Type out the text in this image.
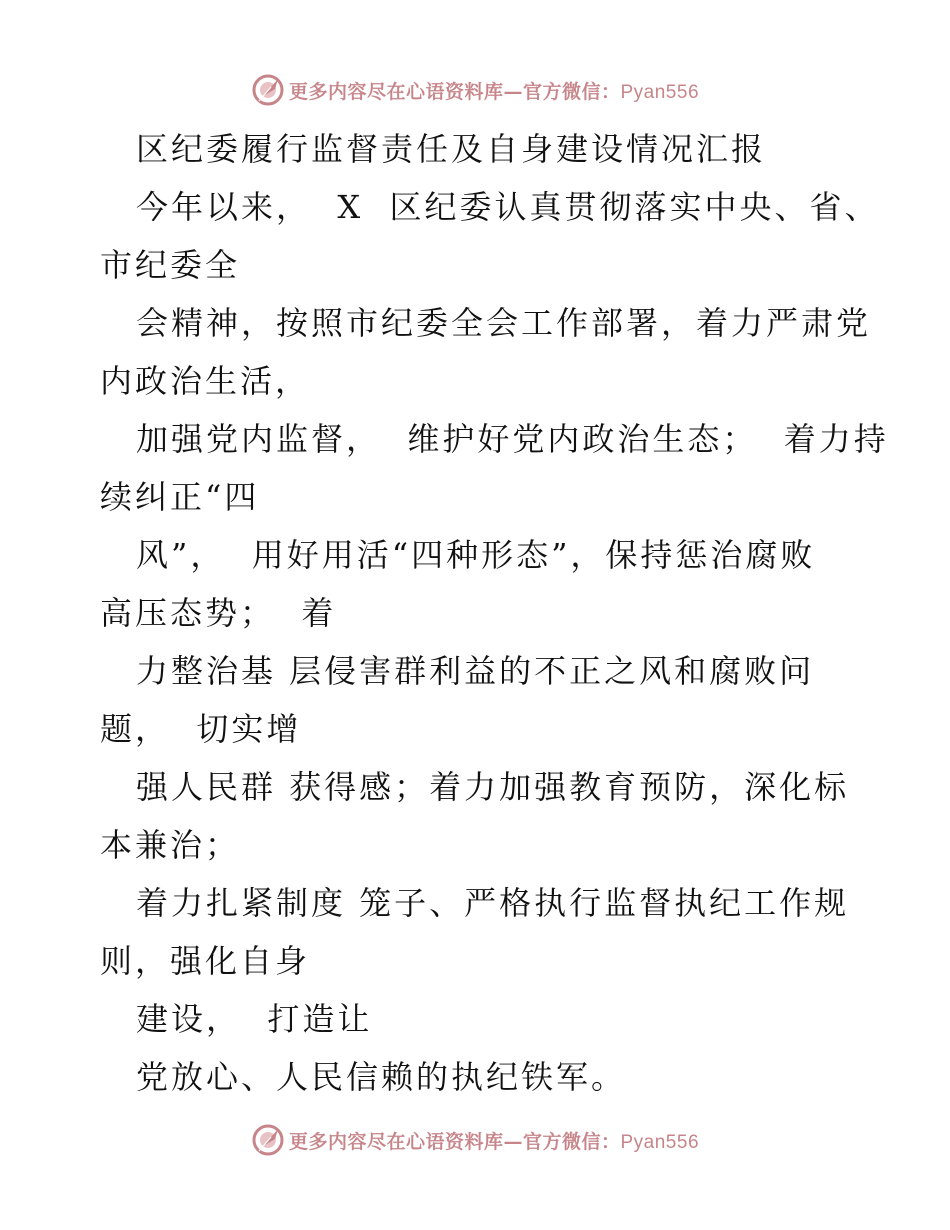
更多内容尽在心语资料库—官方微信：Pyan556
区纪委履行监督责任及自身建设情况汇报
今年以来，  X  区纪委认真贯彻落实中央、省、
市纪委全
会精神，按照市纪委全会工作部署，着力严肃党
内政治生活，
加强党内监督，  维护好党内政治生态；  着力持
续纠正“四
风”，  用好用活“四种形态”，保持惩治腐败
高压态势；  着
力整治基 层侵害群利益的不正之风和腐败问
题，  切实增
强人民群 获得感；着力加强教育预防，深化标
本兼治；
着力扎紧制度 笼子、严格执行监督执纪工作规
则，强化自身
建设，  打造让
党放心、人民信赖的执纪铁军。
更多内容尽在心语资料库—官方微信：Pyan556
